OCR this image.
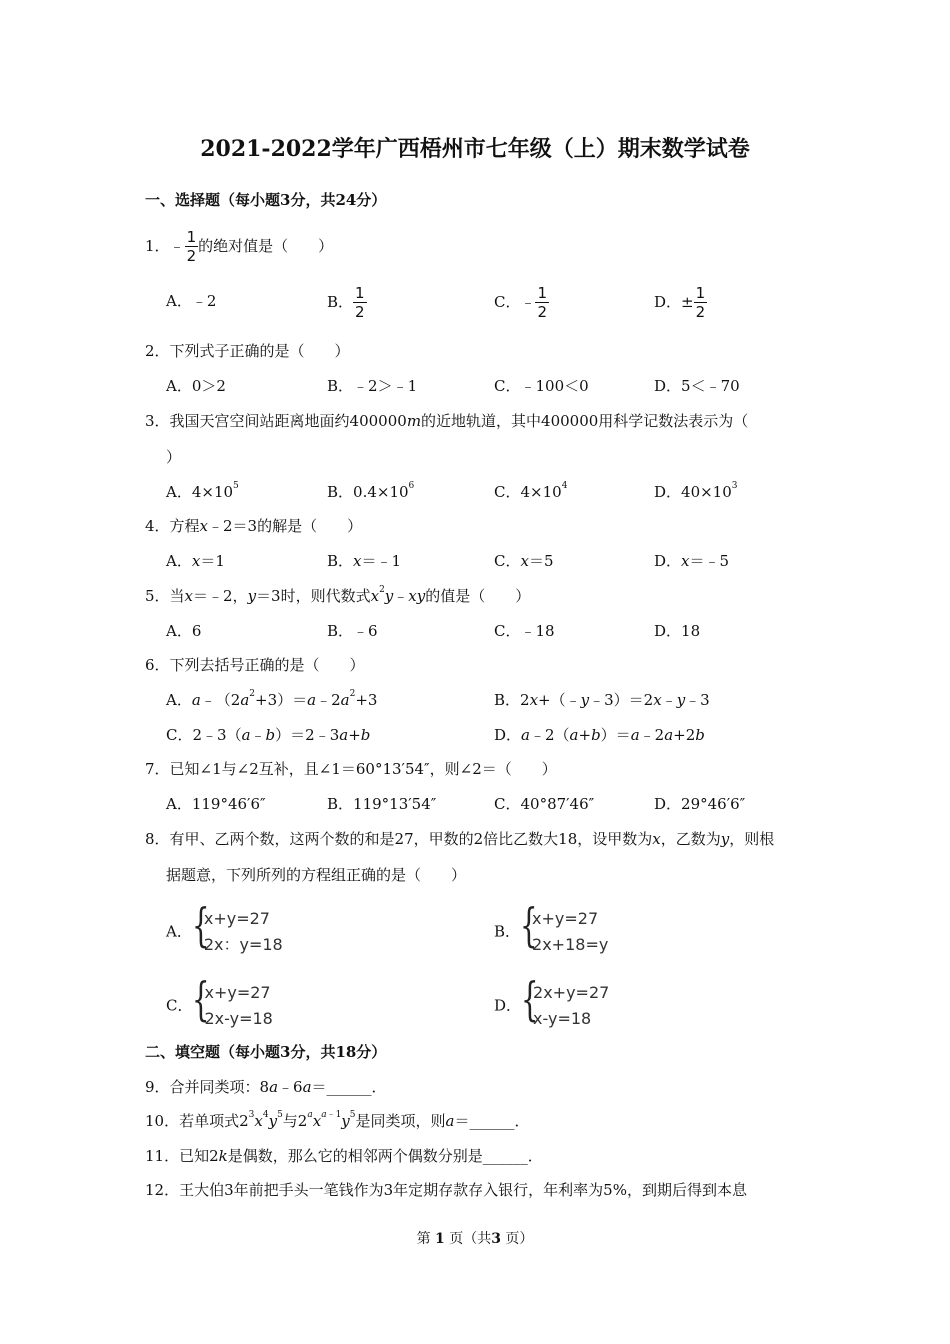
2021-2022学年广西梧州市七年级（上）期末数学试卷
一、选择题（每小题3分，共24分）
1．﹣ $\frac{1}{2}$ 的绝对值是（　　）
A．﹣2	B． $\frac{1}{2}$	C．﹣ $\frac{1}{2}$	D．± $\frac{1}{2}$
2．下列式子正确的是（　　）
A．0＞2	B．﹣2＞﹣1	C．﹣100＜0	D．5＜﹣70
3．我国天宫空间站距离地面约400000m的近地轨道，其中400000用科学记数法表示为（
）
A．$4\times 10^5$	B．$0.4\times 10^6$	C．$4\times 10^4$	D．$40\times 10^3$
4．方程x﹣2＝3的解是（　　）
A．x＝1	B．x＝﹣1	C．x＝5	D．x＝﹣5
5．当x＝﹣2，y＝3时，则代数式$x^2y﹣xy$的值是（　　）
A．6	B．﹣6	C．﹣18	D．18
6．下列去括号正确的是（　　）
A．$a﹣(2a^2+3)=a﹣2a^2+3$	B．2x+（﹣y﹣3）＝2x﹣y﹣3
C．2﹣3（a﹣b）＝2﹣3a+b	D．a﹣2（a+b）＝a﹣2a+2b
7．已知∠1与∠2互补，且∠1＝60°13′54″，则∠2＝（　　）
A．119°46′6″	B．119°13′54″	C．40°87′46″	D．29°46′6″
8．有甲、乙两个数，这两个数的和是27，甲数的2倍比乙数大18，设甲数为x，乙数为y，则根
据题意，下列所列的方程组正确的是（　　）
A． {
x+y=27
2x：y=18
B． {
x+y=27
2x+18=y
C． {
x+y=27
2x-y=18
D． {
2x+y=27
x-y=18
二、填空题（每小题3分，共18分）
9．合并同类项：8a﹣6a＝______．
10．若单项式$2^3x^4y^5$与$2^ax^{a﹣1}y^5$是同类项，则a＝______．
11．已知2k是偶数，那么它的相邻两个偶数分别是______．
12．王大伯3年前把手头一笔钱作为3年定期存款存入银行，年利率为5%，到期后得到本息
第 1 页（共3 页）
